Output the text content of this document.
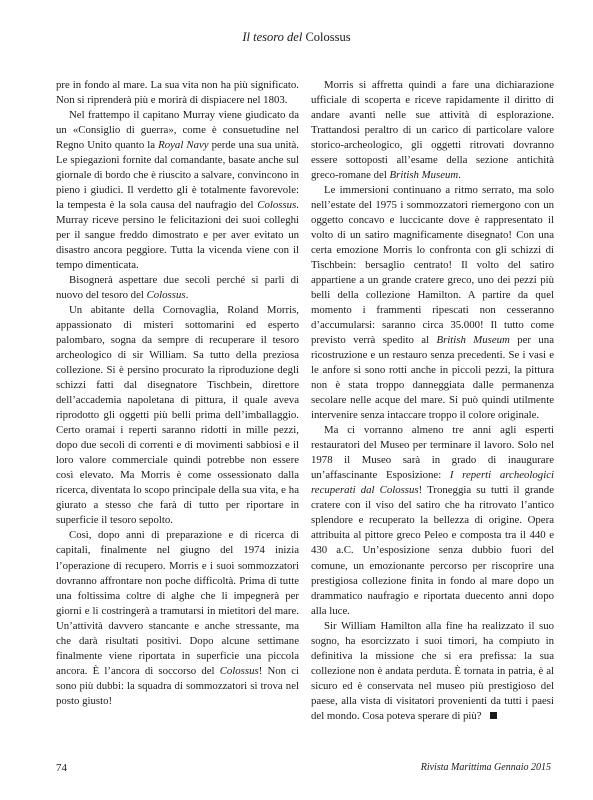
Il tesoro del Colossus

pre in fondo al mare. La sua vita non ha più significato. Non si riprenderà più e morirà di dispiacere nel 1803.

Nel frattempo il capitano Murray viene giudicato da un «Consiglio di guerra», come è consuetudine nel Regno Unito quanto la Royal Navy perde una sua unità. Le spiegazioni fornite dal comandante, basate anche sul giornale di bordo che è riuscito a salvare, convincono in pieno i giudici. Il verdetto gli è totalmente favorevole: la tempesta è la sola causa del naufragio del Colossus. Murray riceve persino le felicitazioni dei suoi colleghi per il sangue freddo dimostrato e per aver evitato un disastro ancora peggiore. Tutta la vicenda viene con il tempo dimenticata.

Bisognerà aspettare due secoli perché si parli di nuovo del tesoro del Colossus.

Un abitante della Cornovaglia, Roland Morris, appassionato di misteri sottomarini ed esperto palombaro, sogna da sempre di recuperare il tesoro archeologico di sir William. Sa tutto della preziosa collezione. Si è persino procurato la riproduzione degli schizzi fatti dal disegnatore Tischbein, direttore dell’accademia napoletana di pittura, il quale aveva riprodotto gli oggetti più belli prima dell’imballaggio. Certo oramai i reperti saranno ridotti in mille pezzi, dopo due secoli di correnti e di movimenti sabbiosi e il loro valore commerciale quindi potrebbe non essere così elevato. Ma Morris è come ossessionato dalla ricerca, diventata lo scopo principale della sua vita, e ha giurato a stesso che farà di tutto per riportare in superficie il tesoro sepolto.

Così, dopo anni di preparazione e di ricerca di capitali, finalmente nel giugno del 1974 inizia l’operazione di recupero. Morris e i suoi sommozzatori dovranno affrontare non poche difficoltà. Prima di tutte una foltissima coltre di alghe che li impegnerà per giorni e li costringerà a tramutarsi in mietitori del mare. Un’attività davvero stancante e anche stressante, ma che darà risultati positivi. Dopo alcune settimane finalmente viene riportata in superficie una piccola ancora. È l’ancora di soccorso del Colossus! Non ci sono più dubbi: la squadra di sommozzatori si trova nel posto giusto!

Morris si affretta quindi a fare una dichiarazione ufficiale di scoperta e riceve rapidamente il diritto di andare avanti nelle sue attività di esplorazione. Trattandosi peraltro di un carico di particolare valore storico-archeologico, gli oggetti ritrovati dovranno essere sottoposti all’esame della sezione antichità greco-romane del British Museum.

Le immersioni continuano a ritmo serrato, ma solo nell’estate del 1975 i sommozzatori riemergono con un oggetto concavo e luccicante dove è rappresentato il volto di un satiro magnificamente disegnato! Con una certa emozione Morris lo confronta con gli schizzi di Tischbein: bersaglio centrato! Il volto del satiro appartiene a un grande cratere greco, uno dei pezzi più belli della collezione Hamilton. A partire da quel momento i frammenti ripescati non cesseranno d’accumularsi: saranno circa 35.000! Il tutto come previsto verrà spedito al British Museum per una ricostruzione e un restauro senza precedenti. Se i vasi e le anfore si sono rotti anche in piccoli pezzi, la pittura non è stata troppo danneggiata dalle permanenza secolare nelle acque del mare. Si può quindi utilmente intervenire senza intaccare troppo il colore originale.

Ma ci vorranno almeno tre anni agli esperti restauratori del Museo per terminare il lavoro. Solo nel 1978 il Museo sarà in grado di inaugurare un’affascinante Esposizione: I reperti archeologici recuperati dal Colossus! Troneggia su tutti il grande cratere con il viso del satiro che ha ritrovato l’antico splendore e recuperato la bellezza di origine. Opera attribuita al pittore greco Peleo e composta tra il 440 e 430 a.C. Un’esposizione senza dubbio fuori del comune, un emozionante percorso per riscoprire una prestigiosa collezione finita in fondo al mare dopo un drammatico naufragio e riportata duecento anni dopo alla luce.

Sir William Hamilton alla fine ha realizzato il suo sogno, ha esorcizzato i suoi timori, ha compiuto in definitiva la missione che si era prefissa: la sua collezione non è andata perduta. È tornata in patria, è al sicuro ed è conservata nel museo più prestigioso del paese, alla vista di visitatori provenienti da tutti i paesi del mondo. Cosa poteva sperare di più?

74	Rivista Marittima Gennaio 2015
